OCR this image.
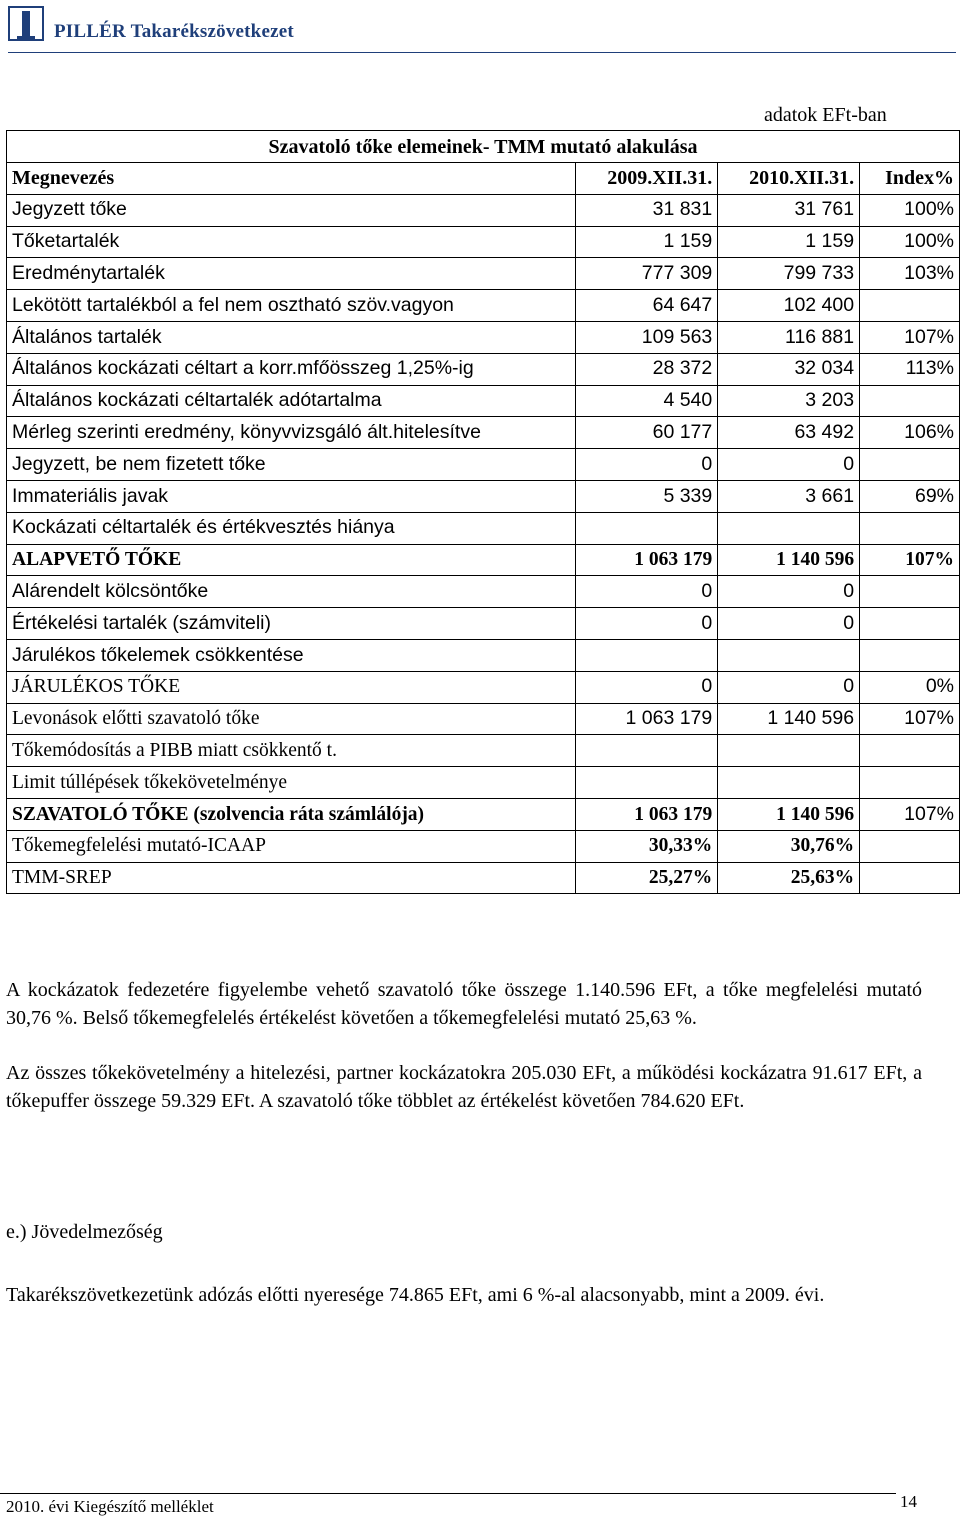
PILLÉR Takarékszövetkezet
adatok EFt-ban
Szavatoló tőke elemeinek- TMM mutató alakulása			
Megnevezés	2009.XII.31.	2010.XII.31.	Index%
Jegyzett tőke	31 831	31 761	100%
Tőketartalék	1 159	1 159	100%
Eredménytartalék	777 309	799 733	103%
Lekötött tartalékból a fel nem osztható szöv.vagyon	64 647	102 400	
Általános tartalék	109 563	116 881	107%
Általános kockázati céltart a korr.mfőösszeg 1,25%-ig	28 372	32 034	113%
Általános kockázati céltartalék adótartalma	4 540	3 203	
Mérleg szerinti eredmény, könyvvizsgáló ált.hitelesítve	60 177	63 492	106%
Jegyzett, be nem fizetett tőke	0	0	
Immateriális javak	5 339	3 661	69%
Kockázati céltartalék és értékvesztés hiánya			
ALAPVETŐ TŐKE	1 063 179	1 140 596	107%
Alárendelt kölcsöntőke	0	0	
Értékelési tartalék (számviteli)	0	0	
Járulékos tőkelemek csökkentése			
JÁRULÉKOS TŐKE	0	0	0%
Levonások előtti szavatoló tőke	1 063 179	1 140 596	107%
Tőkemódosítás a PIBB miatt csökkentő t.			
Limit túllépések tőkekövetelménye			
SZAVATOLÓ TŐKE (szolvencia ráta számlálója)	1 063 179	1 140 596	107%
Tőkemegfelelési mutató-ICAAP	30,33%	30,76%	
TMM-SREP	25,27%	25,63%	
A kockázatok fedezetére figyelembe vehető szavatoló tőke összege 1.140.596 EFt, a tőke megfelelési mutató 30,76 %. Belső tőkemegfelelés értékelést követően a tőkemegfelelési mutató 25,63 %.
Az összes tőkekövetelmény a hitelezési, partner kockázatokra 205.030 EFt, a működési kockázatra 91.617 EFt, a tőkepuffer összege 59.329 EFt. A szavatoló tőke többlet az értékelést követően 784.620 EFt.
e.) Jövedelmezőség
Takarékszövetkezetünk adózás előtti nyeresége 74.865 EFt, ami 6 %-al alacsonyabb, mint a 2009. évi.
2010. évi Kiegészítő melléklet	14
